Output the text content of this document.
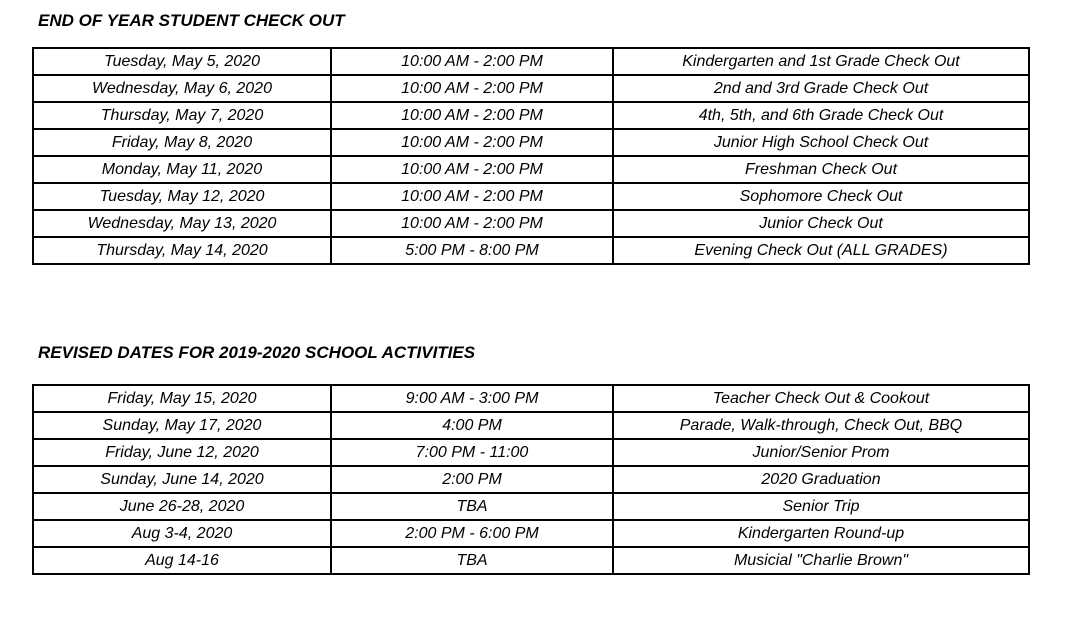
END OF YEAR STUDENT CHECK OUT
Tuesday, May 5, 2020	10:00 AM - 2:00 PM	Kindergarten and 1st Grade Check Out
Wednesday, May 6, 2020	10:00 AM - 2:00 PM	2nd and 3rd Grade Check Out
Thursday, May 7, 2020	10:00 AM - 2:00 PM	4th, 5th, and 6th Grade Check Out
Friday, May 8, 2020	10:00 AM - 2:00 PM	Junior High School Check Out
Monday, May 11, 2020	10:00 AM - 2:00 PM	Freshman Check Out
Tuesday, May 12, 2020	10:00 AM - 2:00 PM	Sophomore Check Out
Wednesday, May 13, 2020	10:00 AM - 2:00 PM	Junior Check Out
Thursday, May 14, 2020	5:00 PM - 8:00 PM	Evening Check Out (ALL GRADES)
REVISED DATES FOR 2019-2020 SCHOOL ACTIVITIES
Friday, May 15, 2020	9:00 AM - 3:00 PM	Teacher Check Out & Cookout
Sunday, May 17, 2020	4:00 PM	Parade, Walk-through, Check Out, BBQ
Friday, June 12, 2020	7:00 PM - 11:00	Junior/Senior Prom
Sunday, June 14, 2020	2:00 PM	2020 Graduation
June 26-28, 2020	TBA	Senior Trip
Aug 3-4, 2020	2:00 PM - 6:00 PM	Kindergarten Round-up
Aug 14-16	TBA	Musicial "Charlie Brown"
